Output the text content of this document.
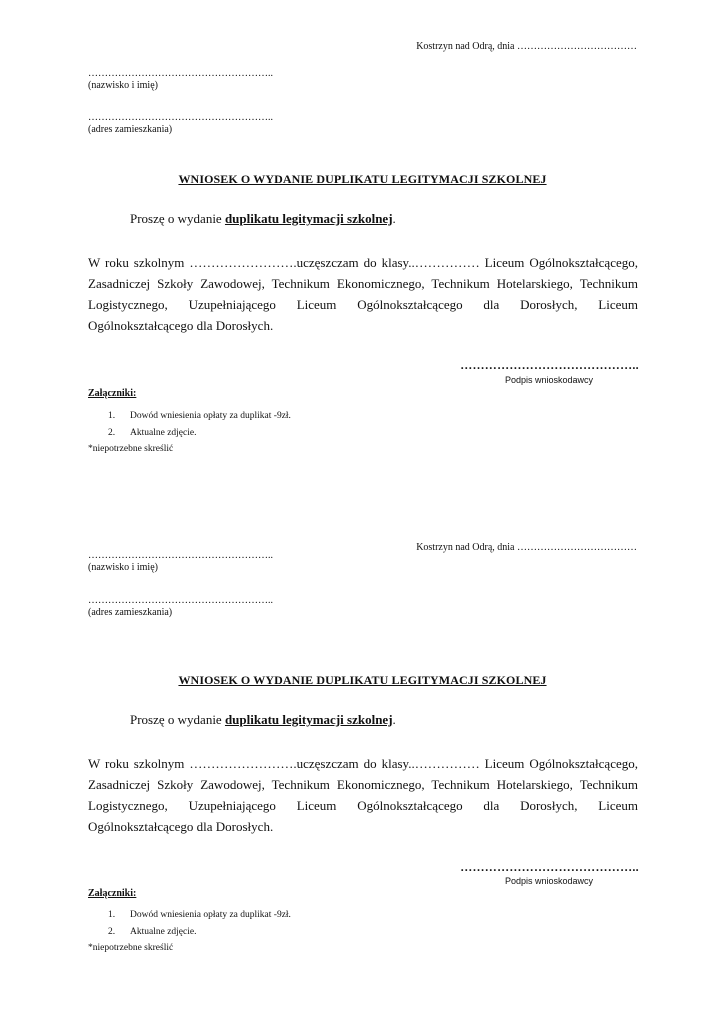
Kostrzyn nad Odrą, dnia ………………………………
………………………………………………..
(nazwisko i imię)
………………………………………………..
(adres zamieszkania)
WNIOSEK O WYDANIE DUPLIKATU LEGITYMACJI SZKOLNEJ
Proszę o wydanie duplikatu legitymacji szkolnej.
W roku szkolnym …………………….uczęszczam do klasy..…………… Liceum Ogólnokształcącego, Zasadniczej Szkoły Zawodowej, Technikum Ekonomicznego, Technikum Hotelarskiego, Technikum Logistycznego, Uzupełniającego Liceum Ogólnokształcącego dla Dorosłych, Liceum Ogólnokształcącego dla Dorosłych.
……………………………………..
Podpis wnioskodawcy
Załączniki:
1. Dowód wniesienia opłaty za duplikat -9zł.
2. Aktualne zdjęcie.
*niepotrzebne skreślić
Kostrzyn nad Odrą, dnia ………………………………
………………………………………………..
(nazwisko i imię)
………………………………………………..
(adres zamieszkania)
WNIOSEK O WYDANIE DUPLIKATU LEGITYMACJI SZKOLNEJ
Proszę o wydanie duplikatu legitymacji szkolnej.
W roku szkolnym …………………….uczęszczam do klasy..…………… Liceum Ogólnokształcącego, Zasadniczej Szkoły Zawodowej, Technikum Ekonomicznego, Technikum Hotelarskiego, Technikum Logistycznego, Uzupełniającego Liceum Ogólnokształcącego dla Dorosłych, Liceum Ogólnokształcącego dla Dorosłych.
……………………………………..
Podpis wnioskodawcy
Załączniki:
1. Dowód wniesienia opłaty za duplikat -9zł.
2. Aktualne zdjęcie.
*niepotrzebne skreślić
